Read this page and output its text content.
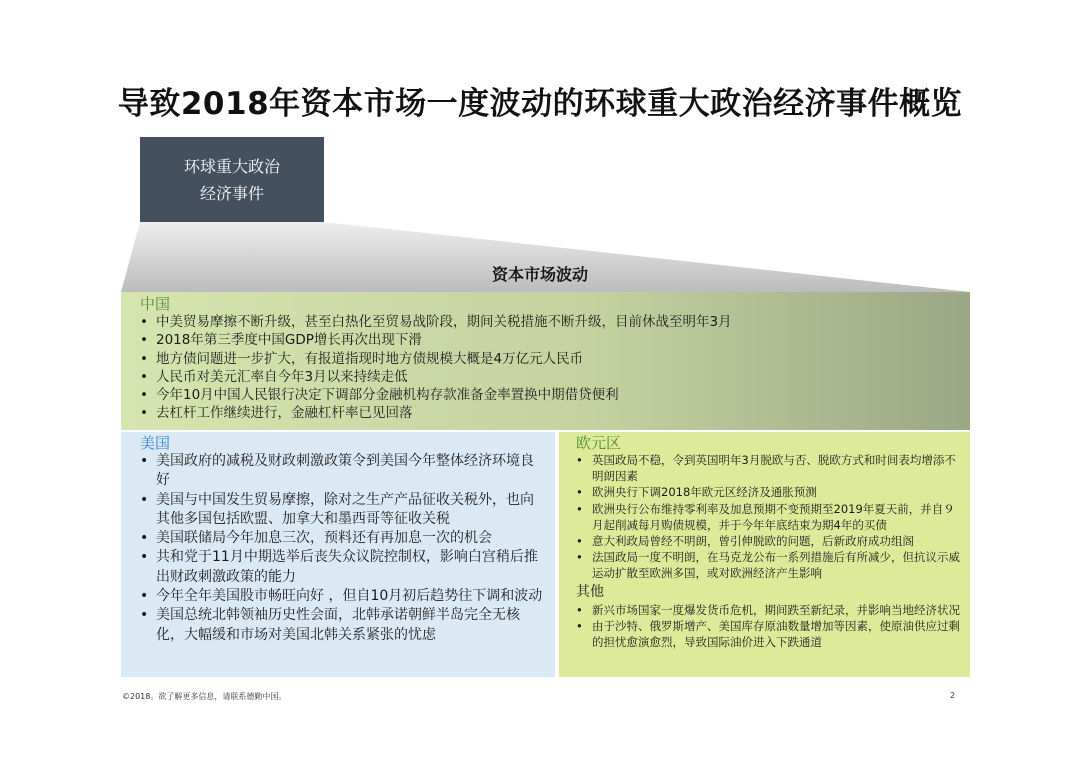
导致2018年资本市场一度波动的环球重大政治经济事件概览
环球重大政治
经济事件
资本市场波动
中国
• 中美贸易摩擦不断升级，甚至白热化至贸易战阶段，期间关税措施不断升级，目前休战至明年3月
• 2018年第三季度中国GDP增长再次出现下滑
• 地方债问题进一步扩大，有报道指现时地方债规模大概是4万亿元人民币
• 人民币对美元汇率自今年3月以来持续走低
• 今年10月中国人民银行决定下调部分金融机构存款准备金率置换中期借贷便利
• 去杠杆工作继续进行，金融杠杆率已见回落
美国
• 美国政府的减税及财政刺激政策令到美国今年整体经济环境良好
• 美国与中国发生贸易摩擦，除对之生产产品征收关税外，也向其他多国包括欧盟、加拿大和墨西哥等征收关税
• 美国联储局今年加息三次，预料还有再加息一次的机会
• 共和党于11月中期选举后丧失众议院控制权，影响白宫稍后推出财政刺激政策的能力
• 今年全年美国股市畅旺向好 ，但自10月初后趋势往下调和波动
• 美国总统北韩领袖历史性会面，北韩承诺朝鲜半岛完全无核化，大幅缓和市场对美国北韩关系紧张的忧虑
欧元区
• 英国政局不稳，令到英国明年3月脱欧与否、脱欧方式和时间表均增添不明朗因素
• 欧洲央行下调2018年欧元区经济及通胀预测
• 欧洲央行公布维持零利率及加息预期不变预期至2019年夏天前，并自９月起削减每月购债规模，并于今年年底结束为期4年的买债
• 意大利政局曾经不明朗，曾引伸脱欧的问题，后新政府成功组阁
• 法国政局一度不明朗，在马克龙公布一系列措施后有所减少，但抗议示威运动扩散至欧洲多国，或对欧洲经济产生影响
其他
• 新兴市场国家一度爆发货币危机，期间跌至新纪录，并影响当地经济状况
• 由于沙特、俄罗斯增产、美国库存原油数量增加等因素，使原油供应过剩的担忧愈演愈烈，导致国际油价进入下跌通道
©2018。欲了解更多信息，请联系德勤中国。	2
